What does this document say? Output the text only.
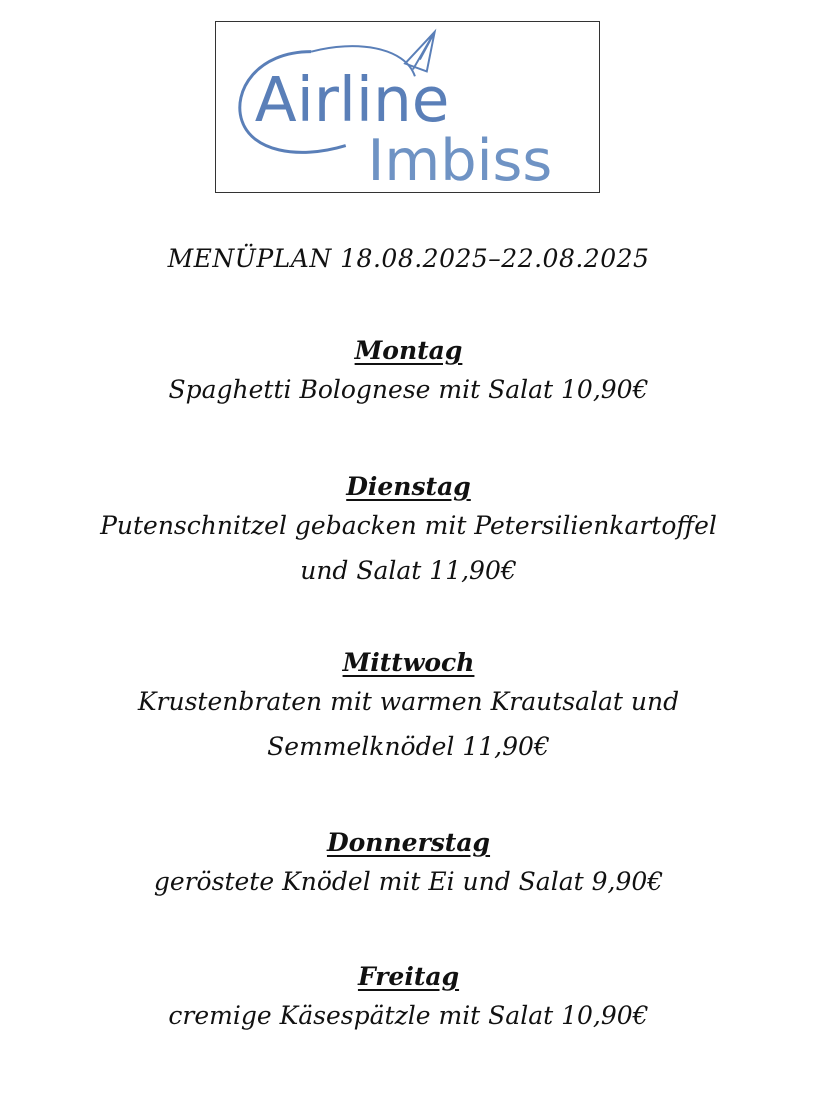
Airline
Imbiss
MENÜPLAN 18.08.2025–22.08.2025
Montag
Spaghetti Bolognese mit Salat 10,90€
Dienstag
Putenschnitzel gebacken mit Petersilienkartoffel
und Salat 11,90€
Mittwoch
Krustenbraten mit warmen Krautsalat und
Semmelknödel 11,90€
Donnerstag
geröstete Knödel mit Ei und Salat 9,90€
Freitag
cremige Käsespätzle mit Salat 10,90€
